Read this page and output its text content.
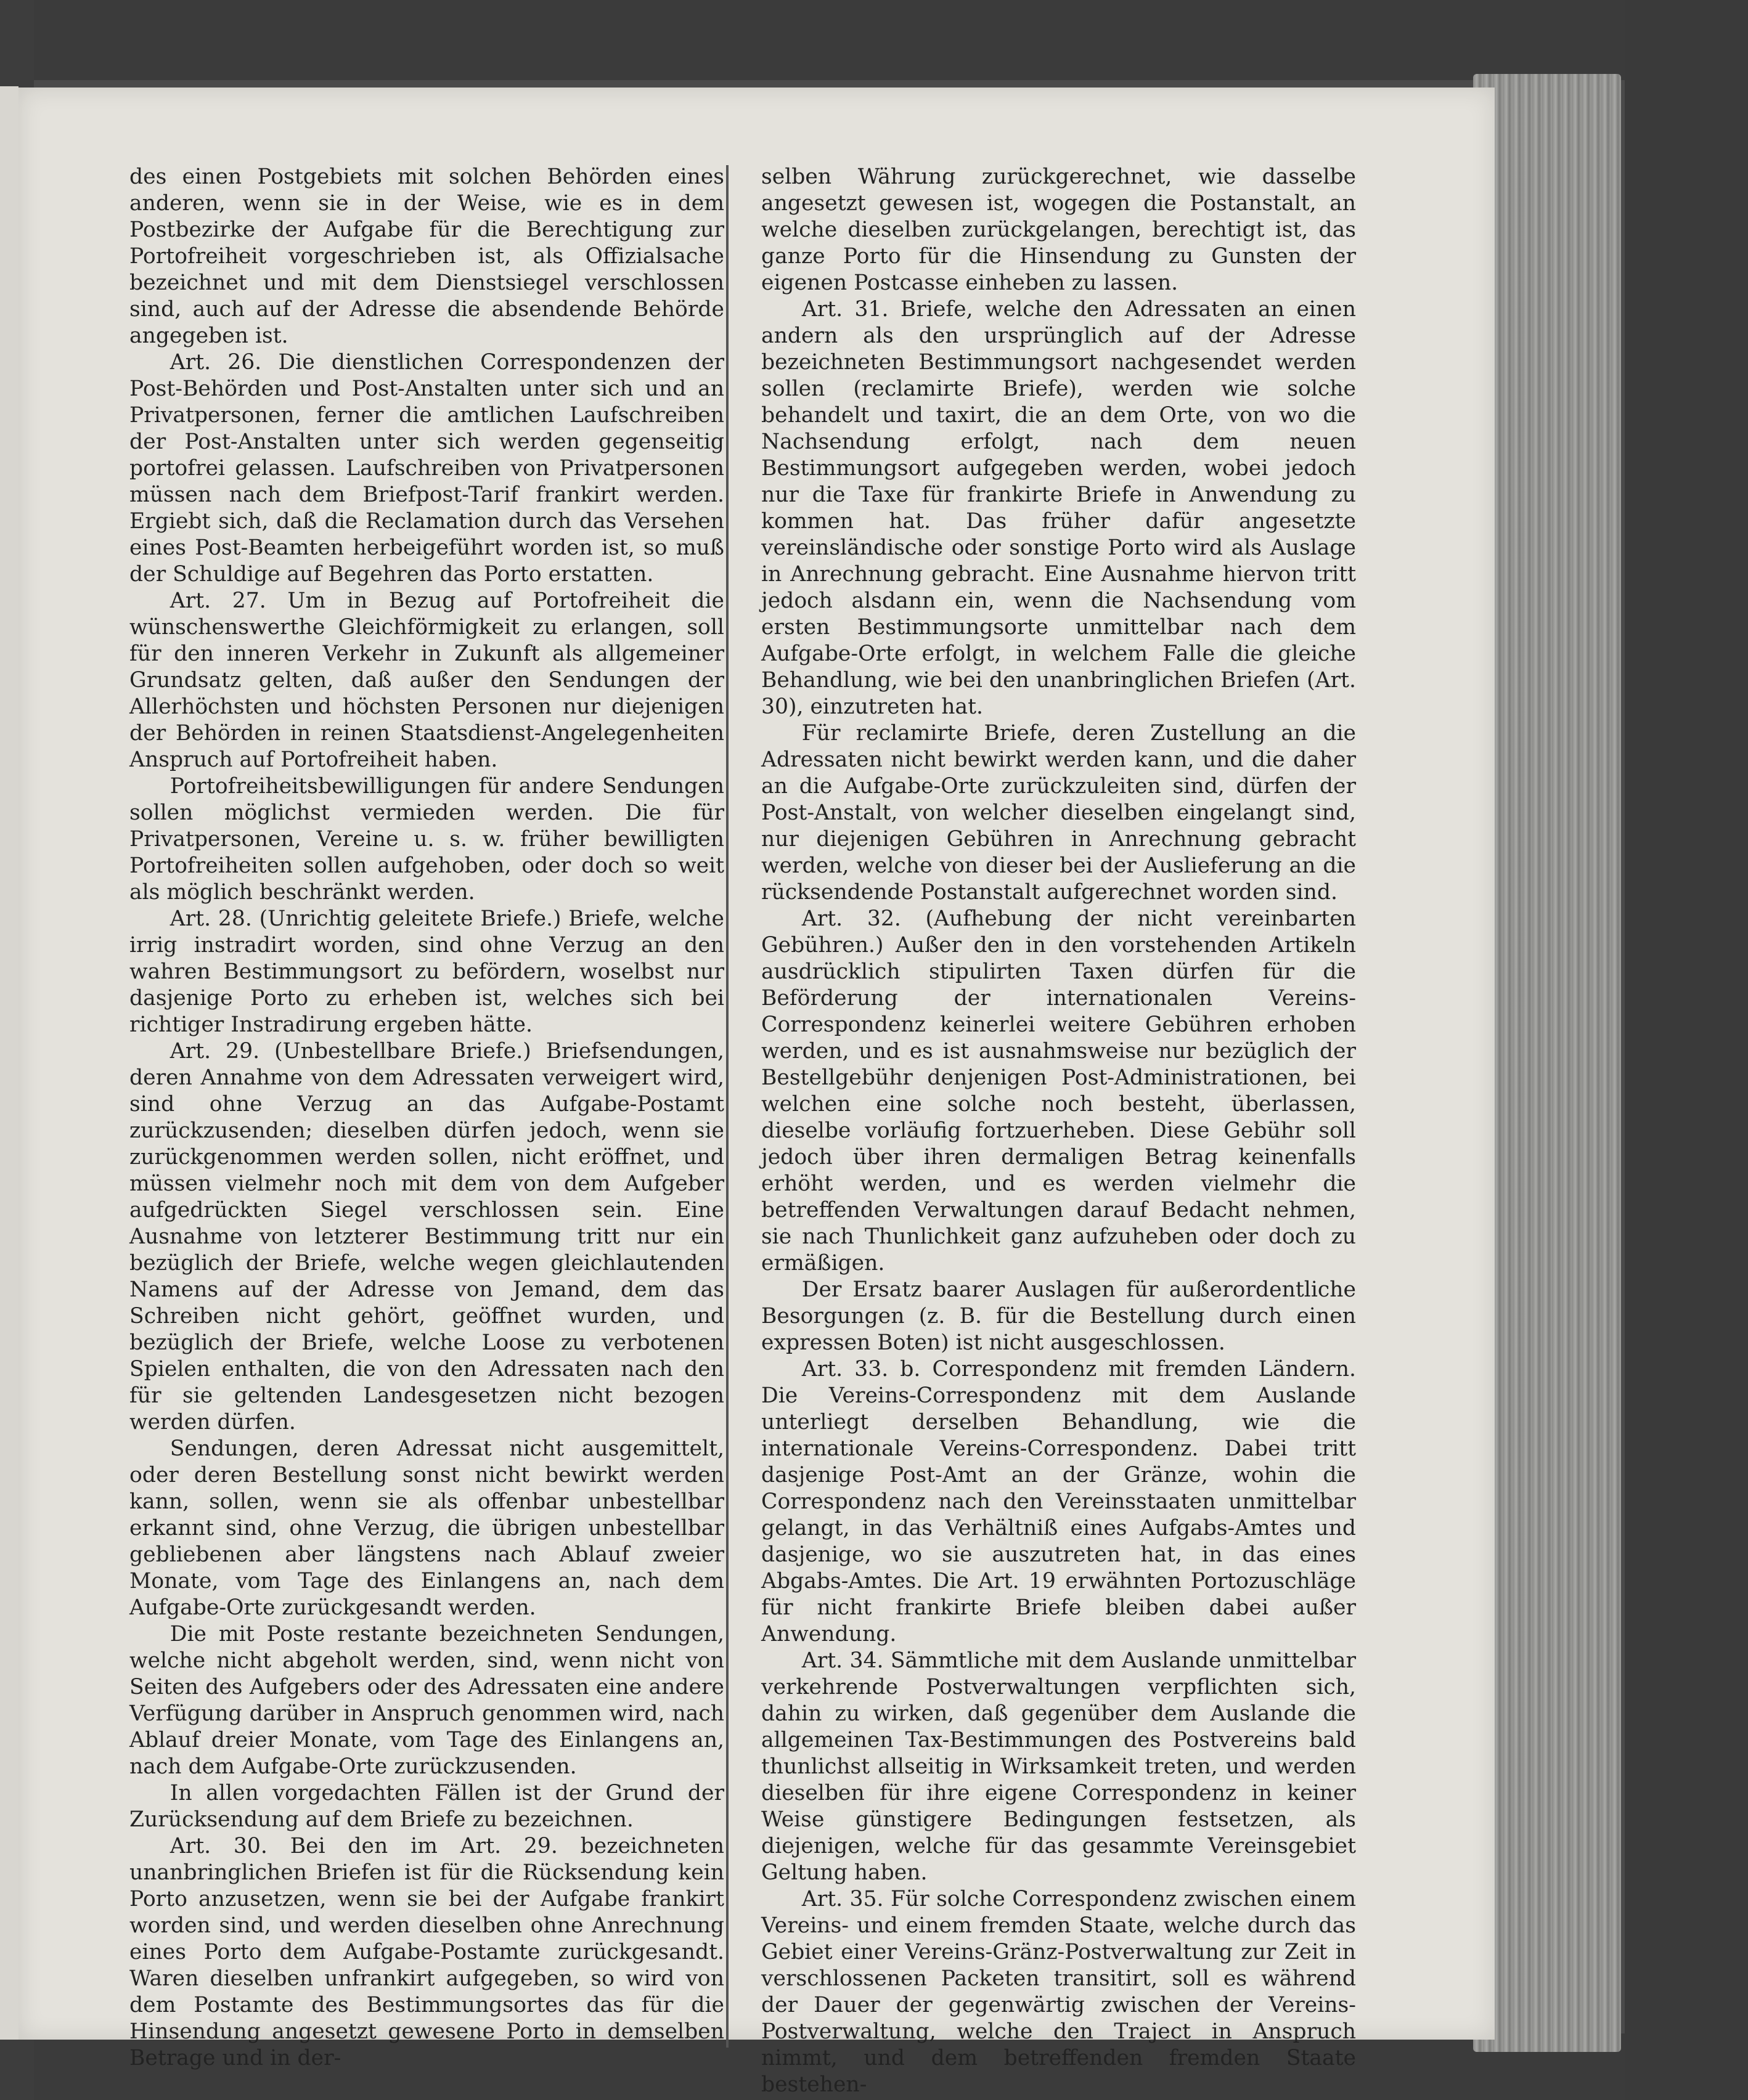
des einen Postgebiets mit solchen Behörden eines anderen, wenn sie in der Weise, wie es in dem Postbezirke der Aufgabe für die Berechtigung zur Portofreiheit vorgeschrieben ist, als Offizialsache bezeichnet und mit dem Dienstsiegel verschlossen sind, auch auf der Adresse die absendende Behörde angegeben ist.

Art. 26. Die dienstlichen Correspondenzen der Post-Behörden und Post-Anstalten unter sich und an Privatpersonen, ferner die amtlichen Laufschreiben der Post-Anstalten unter sich werden gegenseitig portofrei gelassen. Laufschreiben von Privatpersonen müssen nach dem Briefpost-Tarif frankirt werden. Ergiebt sich, daß die Reclamation durch das Versehen eines Post-Beamten herbeigeführt worden ist, so muß der Schuldige auf Begehren das Porto erstatten.

Art. 27. Um in Bezug auf Portofreiheit die wünschenswerthe Gleichförmigkeit zu erlangen, soll für den inneren Verkehr in Zukunft als allgemeiner Grundsatz gelten, daß außer den Sendungen der Allerhöchsten und höchsten Personen nur diejenigen der Behörden in reinen Staatsdienst-Angelegenheiten Anspruch auf Portofreiheit haben.

Portofreiheitsbewilligungen für andere Sendungen sollen möglichst vermieden werden. Die für Privatpersonen, Vereine u. s. w. früher bewilligten Portofreiheiten sollen aufgehoben, oder doch so weit als möglich beschränkt werden.

Art. 28. (Unrichtig geleitete Briefe.) Briefe, welche irrig instradirt worden, sind ohne Verzug an den wahren Bestimmungsort zu befördern, woselbst nur dasjenige Porto zu erheben ist, welches sich bei richtiger Instradirung ergeben hätte.

Art. 29. (Unbestellbare Briefe.) Briefsendungen, deren Annahme von dem Adressaten verweigert wird, sind ohne Verzug an das Aufgabe-Postamt zurückzusenden; dieselben dürfen jedoch, wenn sie zurückgenommen werden sollen, nicht eröffnet, und müssen vielmehr noch mit dem von dem Aufgeber aufgedrückten Siegel verschlossen sein. Eine Ausnahme von letzterer Bestimmung tritt nur ein bezüglich der Briefe, welche wegen gleichlautenden Namens auf der Adresse von Jemand, dem das Schreiben nicht gehört, geöffnet wurden, und bezüglich der Briefe, welche Loose zu verbotenen Spielen enthalten, die von den Adressaten nach den für sie geltenden Landesgesetzen nicht bezogen werden dürfen.

Sendungen, deren Adressat nicht ausgemittelt, oder deren Bestellung sonst nicht bewirkt werden kann, sollen, wenn sie als offenbar unbestellbar erkannt sind, ohne Verzug, die übrigen unbestellbar gebliebenen aber längstens nach Ablauf zweier Monate, vom Tage des Einlangens an, nach dem Aufgabe-Orte zurückgesandt werden.

Die mit Poste restante bezeichneten Sendungen, welche nicht abgeholt werden, sind, wenn nicht von Seiten des Aufgebers oder des Adressaten eine andere Verfügung darüber in Anspruch genommen wird, nach Ablauf dreier Monate, vom Tage des Einlangens an, nach dem Aufgabe-Orte zurückzusenden.

In allen vorgedachten Fällen ist der Grund der Zurücksendung auf dem Briefe zu bezeichnen.

Art. 30. Bei den im Art. 29. bezeichneten unanbringlichen Briefen ist für die Rücksendung kein Porto anzusetzen, wenn sie bei der Aufgabe frankirt worden sind, und werden dieselben ohne Anrechnung eines Porto dem Aufgabe-Postamte zurückgesandt. Waren dieselben unfrankirt aufgegeben, so wird von dem Postamte des Bestimmungsortes das für die Hinsendung angesetzt gewesene Porto in demselben Betrage und in der-

selben Währung zurückgerechnet, wie dasselbe angesetzt gewesen ist, wogegen die Postanstalt, an welche dieselben zurückgelangen, berechtigt ist, das ganze Porto für die Hinsendung zu Gunsten der eigenen Postcasse einheben zu lassen.

Art. 31. Briefe, welche den Adressaten an einen andern als den ursprünglich auf der Adresse bezeichneten Bestimmungsort nachgesendet werden sollen (reclamirte Briefe), werden wie solche behandelt und taxirt, die an dem Orte, von wo die Nachsendung erfolgt, nach dem neuen Bestimmungsort aufgegeben werden, wobei jedoch nur die Taxe für frankirte Briefe in Anwendung zu kommen hat. Das früher dafür angesetzte vereinsländische oder sonstige Porto wird als Auslage in Anrechnung gebracht. Eine Ausnahme hiervon tritt jedoch alsdann ein, wenn die Nachsendung vom ersten Bestimmungsorte unmittelbar nach dem Aufgabe-Orte erfolgt, in welchem Falle die gleiche Behandlung, wie bei den unanbringlichen Briefen (Art. 30), einzutreten hat.

Für reclamirte Briefe, deren Zustellung an die Adressaten nicht bewirkt werden kann, und die daher an die Aufgabe-Orte zurückzuleiten sind, dürfen der Post-Anstalt, von welcher dieselben eingelangt sind, nur diejenigen Gebühren in Anrechnung gebracht werden, welche von dieser bei der Auslieferung an die rücksendende Postanstalt aufgerechnet worden sind.

Art. 32. (Aufhebung der nicht vereinbarten Gebühren.) Außer den in den vorstehenden Artikeln ausdrücklich stipulirten Taxen dürfen für die Beförderung der internationalen Vereins-Correspondenz keinerlei weitere Gebühren erhoben werden, und es ist ausnahmsweise nur bezüglich der Bestellgebühr denjenigen Post-Administrationen, bei welchen eine solche noch besteht, überlassen, dieselbe vorläufig fortzuerheben. Diese Gebühr soll jedoch über ihren dermaligen Betrag keinenfalls erhöht werden, und es werden vielmehr die betreffenden Verwaltungen darauf Bedacht nehmen, sie nach Thunlichkeit ganz aufzuheben oder doch zu ermäßigen.

Der Ersatz baarer Auslagen für außerordentliche Besorgungen (z. B. für die Bestellung durch einen expressen Boten) ist nicht ausgeschlossen.

Art. 33. b. Correspondenz mit fremden Ländern. Die Vereins-Correspondenz mit dem Auslande unterliegt derselben Behandlung, wie die internationale Vereins-Correspondenz. Dabei tritt dasjenige Post-Amt an der Gränze, wohin die Correspondenz nach den Vereinsstaaten unmittelbar gelangt, in das Verhältniß eines Aufgabs-Amtes und dasjenige, wo sie auszutreten hat, in das eines Abgabs-Amtes. Die Art. 19 erwähnten Portozuschläge für nicht frankirte Briefe bleiben dabei außer Anwendung.

Art. 34. Sämmtliche mit dem Auslande unmittelbar verkehrende Postverwaltungen verpflichten sich, dahin zu wirken, daß gegenüber dem Auslande die allgemeinen Tax-Bestimmungen des Postvereins bald thunlichst allseitig in Wirksamkeit treten, und werden dieselben für ihre eigene Correspondenz in keiner Weise günstigere Bedingungen festsetzen, als diejenigen, welche für das gesammte Vereinsgebiet Geltung haben.

Art. 35. Für solche Correspondenz zwischen einem Vereins- und einem fremden Staate, welche durch das Gebiet einer Vereins-Gränz-Postverwaltung zur Zeit in verschlossenen Packeten transitirt, soll es während der Dauer der gegenwärtig zwischen der Vereins-Postverwaltung, welche den Traject in Anspruch nimmt, und dem betreffenden fremden Staate bestehen-
